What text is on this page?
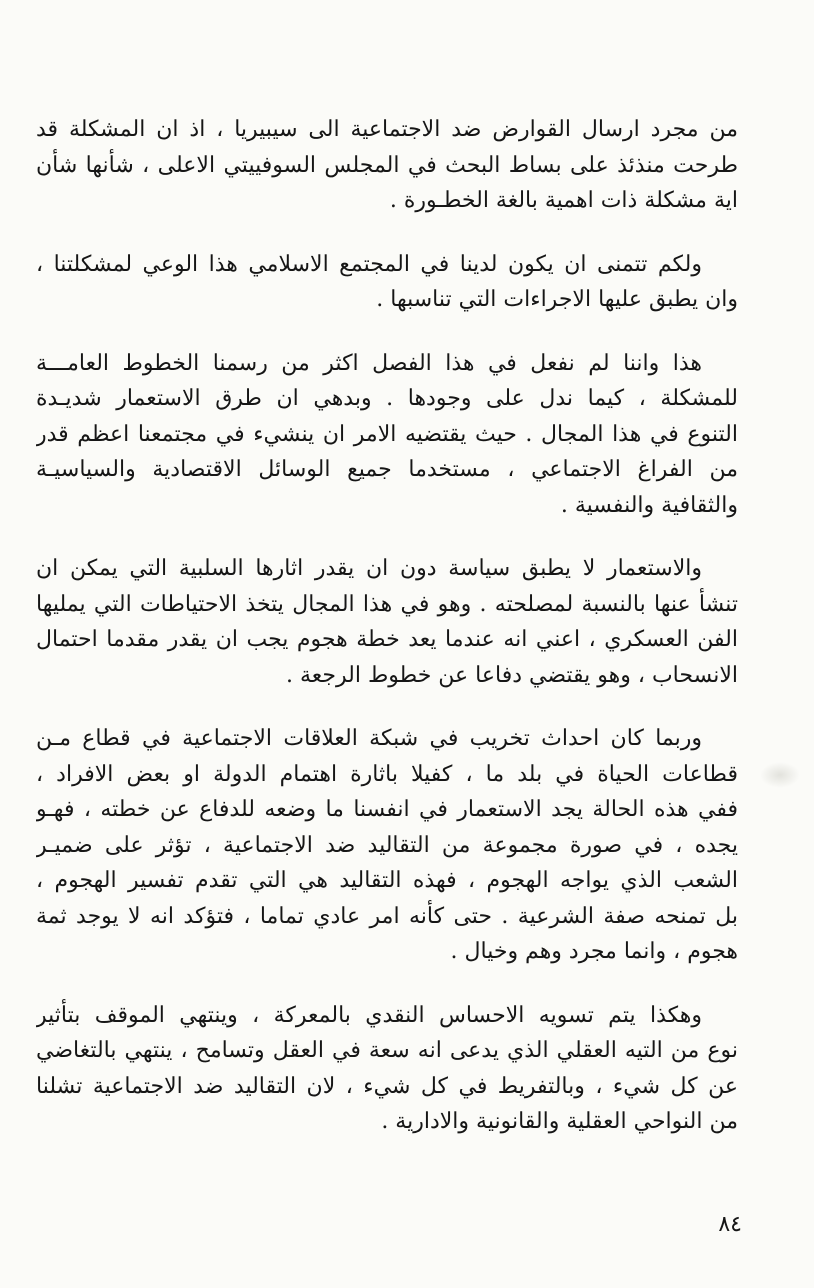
من مجرد ارسال القوارض ضد الاجتماعية الى سيبيريا ، اذ ان المشكلة قد
طرحت منذئذ على بساط البحث في المجلس السوفييتي الاعلى ، شأنها شأن
اية مشكلة ذات اهمية بالغة الخطـورة .
ولكم تتمنى ان يكون لدينا في المجتمع الاسلامي هذا الوعي لمشكلتنا ،
وان يطبق عليها الاجراءات التي تناسبها .
هذا واننا لم نفعل في هذا الفصل اكثر من رسمنا الخطوط العامـــة
للمشكلة ، كيما ندل على وجودها . وبدهي ان طرق الاستعمار شديـدة
التنوع في هذا المجال . حيث يقتضيه الامر ان ينشيء في مجتمعنا اعظم قدر
من الفراغ الاجتماعي ، مستخدما جميع الوسائل الاقتصادية والسياسيـة
والثقافية والنفسية .
والاستعمار لا يطبق سياسة دون ان يقدر اثارها السلبية التي يمكن ان
تنشأ عنها بالنسبة لمصلحته . وهو في هذا المجال يتخذ الاحتياطات التي يمليها
الفن العسكري ، اعني انه عندما يعد خطة هجوم يجب ان يقدر مقدما احتمال
الانسحاب ، وهو يقتضي دفاعا عن خطوط الرجعة .
وربما كان احداث تخريب في شبكة العلاقات الاجتماعية في قطاع مـن
قطاعات الحياة في بلد ما ، كفيلا باثارة اهتمام الدولة او بعض الافراد ،
ففي هذه الحالة يجد الاستعمار في انفسنا ما وضعه للدفاع عن خطته ، فهـو
يجده ، في صورة مجموعة من التقاليد ضد الاجتماعية ، تؤثر على ضميـر
الشعب الذي يواجه الهجوم ، فهذه التقاليد هي التي تقدم تفسير الهجوم ،
بل تمنحه صفة الشرعية . حتى كأنه امر عادي تماما ، فتؤكد انه لا يوجد ثمة
هجوم ، وانما مجرد وهم وخيال .
وهكذا يتم تسويه الاحساس النقدي بالمعركة ، وينتهي الموقف بتأثير
نوع من التيه العقلي الذي يدعى انه سعة في العقل وتسامح ، ينتهي بالتغاضي
عن كل شيء ، وبالتفريط في كل شيء ، لان التقاليد ضد الاجتماعية تشلنا
من النواحي العقلية والقانونية والادارية .
٨٤
